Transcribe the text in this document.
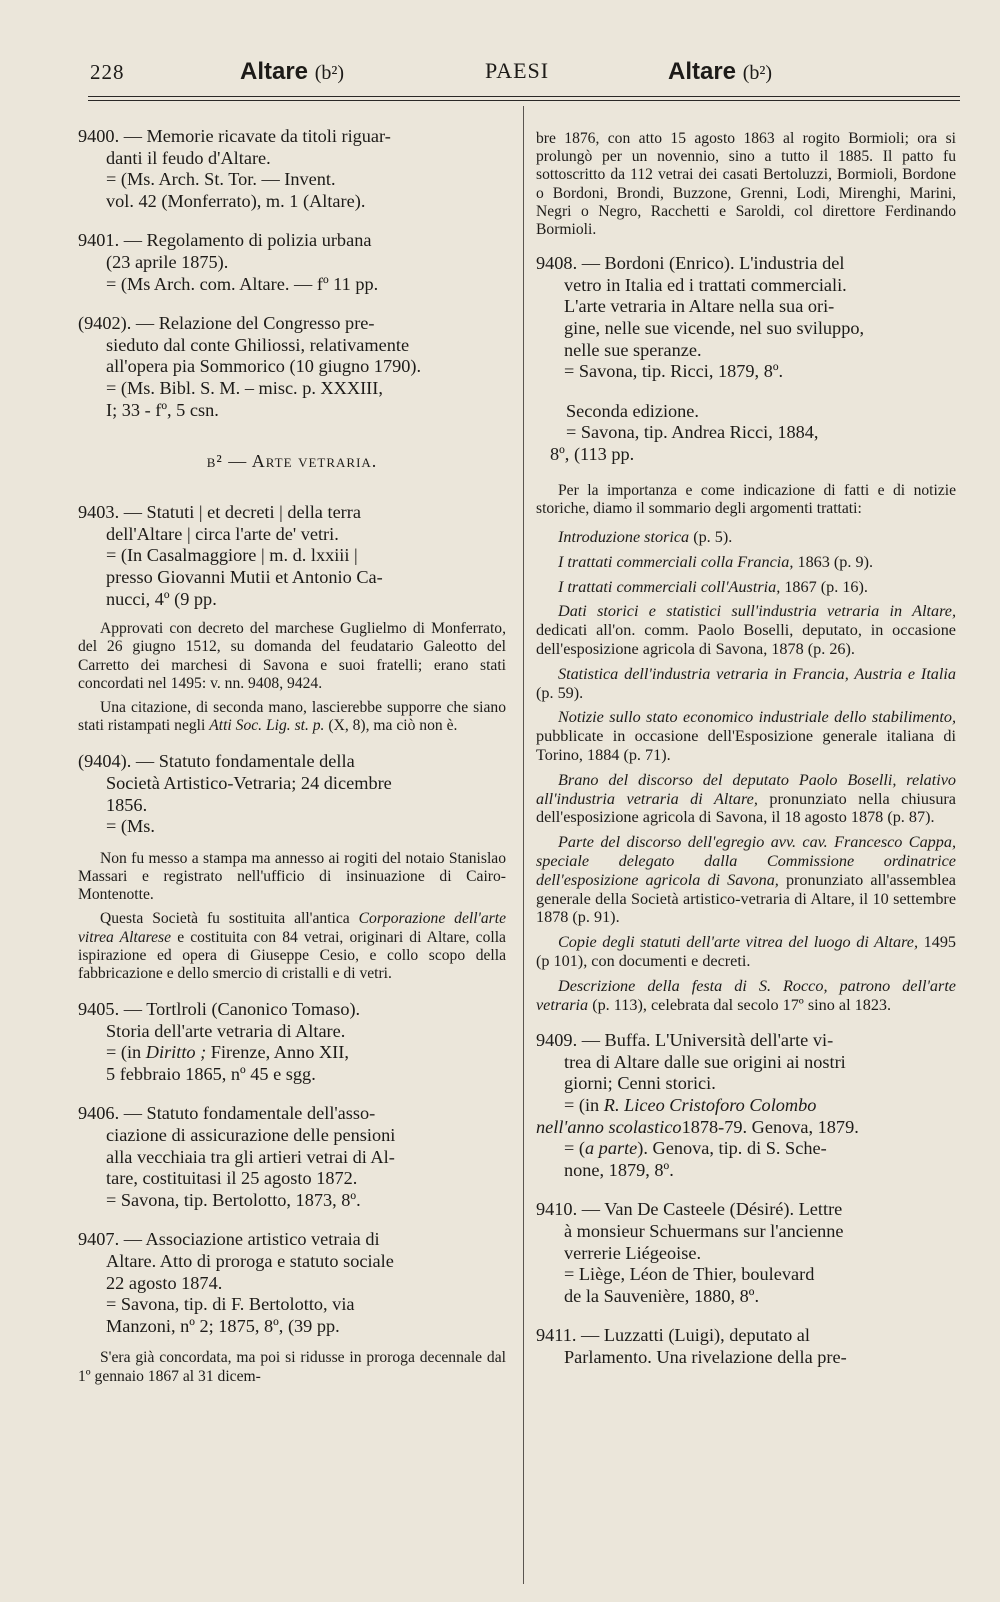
228	Altare (b²)	PAESI	Altare (b²)
9400. — Memorie ricavate da titoli riguar-
danti il feudo d'Altare.
= (Ms. Arch. St. Tor. — Invent.
vol. 42 (Monferrato), m. 1 (Altare).
9401. — Regolamento di polizia urbana
(23 aprile 1875).
= (Ms Arch. com. Altare. — fº 11 pp.
(9402). — Relazione del Congresso pre-
sieduto dal conte Ghiliossi, relativamente
all'opera pia Sommorico (10 giugno 1790).
= (Ms. Bibl. S. M. – misc. p. XXXIII,
I; 33 - fº, 5 csn.
b² — Arte vetraria.
9403. — Statuti | et decreti | della terra
dell'Altare | circa l'arte de' vetri.
= (In Casalmaggiore | m. d. lxxiii |
presso Giovanni Mutii et Antonio Ca-
nucci, 4º (9 pp.

Approvati con decreto del marchese Guglielmo di Monferrato, del 26 giugno 1512, su domanda del feudatario Galeotto del Carretto dei marchesi di Savona e suoi fratelli; erano stati concordati nel 1495: v. nn. 9408, 9424.

Una citazione, di seconda mano, lascierebbe supporre che siano stati ristampati negli Atti Soc. Lig. st. p. (X, 8), ma ciò non è.

(9404). — Statuto fondamentale della
Società Artistico-Vetraria; 24 dicembre
1856.
= (Ms.

Non fu messo a stampa ma annesso ai rogiti del notaio Stanislao Massari e registrato nell'ufficio di insinuazione di Cairo-Montenotte.

Questa Società fu sostituita all'antica Corporazione dell'arte vitrea Altarese e costituita con 84 vetrai, originari di Altare, colla ispirazione ed opera di Giuseppe Cesio, e collo scopo della fabbricazione e dello smercio di cristalli e di vetri.

9405. — Tortlroli (Canonico Tomaso).
Storia dell'arte vetraria di Altare.
= (in Diritto ; Firenze, Anno XII,
5 febbraio 1865, nº 45 e sgg.
9406. — Statuto fondamentale dell'asso-
ciazione di assicurazione delle pensioni
alla vecchiaia tra gli artieri vetrai di Al-
tare, costituitasi il 25 agosto 1872.
= Savona, tip. Bertolotto, 1873, 8º.
9407. — Associazione artistico vetraia di
Altare. Atto di proroga e statuto sociale
22 agosto 1874.
= Savona, tip. di F. Bertolotto, via
Manzoni, nº 2; 1875, 8º, (39 pp.

S'era già concordata, ma poi si ridusse in proroga decennale dal 1º gennaio 1867 al 31 dicem-

bre 1876, con atto 15 agosto 1863 al rogito Bormioli; ora si prolungò per un novennio, sino a tutto il 1885. Il patto fu sottoscritto da 112 vetrai dei casati Bertoluzzi, Bormioli, Bordone o Bordoni, Brondi, Buzzone, Grenni, Lodi, Mirenghi, Marini, Negri o Negro, Racchetti e Saroldi, col direttore Ferdinando Bormioli.

9408. — Bordoni (Enrico). L'industria del
vetro in Italia ed i trattati commerciali.
L'arte vetraria in Altare nella sua ori-
gine, nelle sue vicende, nel suo sviluppo,
nelle sue speranze.
= Savona, tip. Ricci, 1879, 8º.
Seconda edizione.
= Savona, tip. Andrea Ricci, 1884,
8º, (113 pp.

Per la importanza e come indicazione di fatti e di notizie storiche, diamo il sommario degli argomenti trattati:

Introduzione storica (p. 5).

I trattati commerciali colla Francia, 1863 (p. 9).

I trattati commerciali coll'Austria, 1867 (p. 16).

Dati storici e statistici sull'industria vetraria in Altare, dedicati all'on. comm. Paolo Boselli, deputato, in occasione dell'esposizione agricola di Savona, 1878 (p. 26).

Statistica dell'industria vetraria in Francia, Austria e Italia (p. 59).

Notizie sullo stato economico industriale dello stabilimento, pubblicate in occasione dell'Esposizione generale italiana di Torino, 1884 (p. 71).

Brano del discorso del deputato Paolo Boselli, relativo all'industria vetraria di Altare, pronunziato nella chiusura dell'esposizione agricola di Savona, il 18 agosto 1878 (p. 87).

Parte del discorso dell'egregio avv. cav. Francesco Cappa, speciale delegato dalla Commissione ordinatrice dell'esposizione agricola di Savona, pronunziato all'assemblea generale della Società artistico-vetraria di Altare, il 10 settembre 1878 (p. 91).

Copie degli statuti dell'arte vitrea del luogo di Altare, 1495 (p 101), con documenti e decreti.

Descrizione della festa di S. Rocco, patrono dell'arte vetraria (p. 113), celebrata dal secolo 17º sino al 1823.

9409. — Buffa. L'Università dell'arte vi-
trea di Altare dalle sue origini ai nostri
giorni; Cenni storici.
= (in R. Liceo Cristoforo Colombo
nell'anno scolastico1878-79. Genova, 1879.
= (a parte). Genova, tip. di S. Sche-
none, 1879, 8º.
9410. — Van De Casteele (Désiré). Lettre
à monsieur Schuermans sur l'ancienne
verrerie Liégeoise.
= Liège, Léon de Thier, boulevard
de la Sauvenière, 1880, 8º.
9411. — Luzzatti (Luigi), deputato al
Parlamento. Una rivelazione della pre-
